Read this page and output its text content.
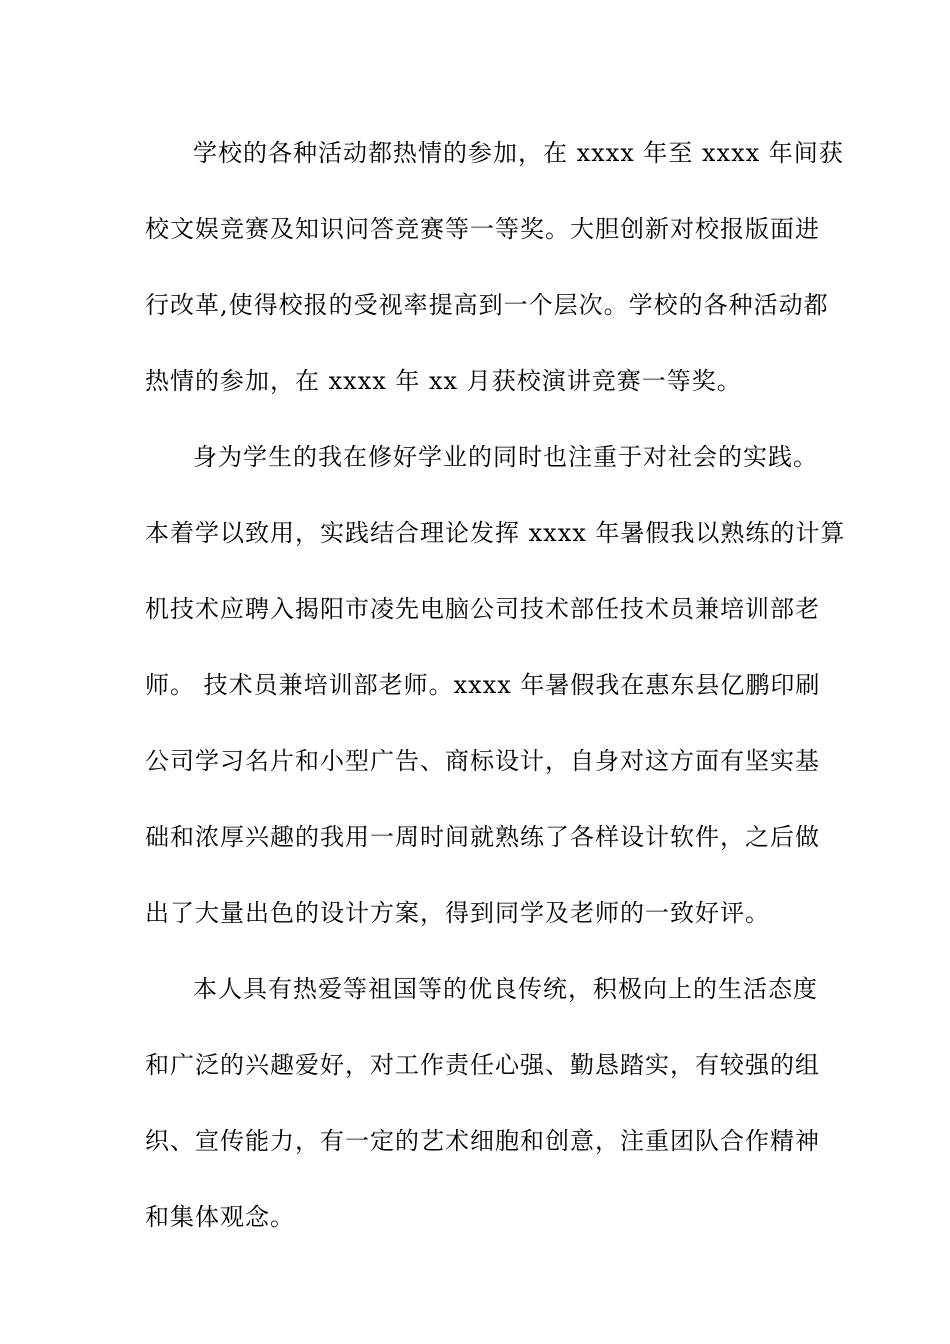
学校的各种活动都热情的参加，在 xxxx 年至 xxxx 年间获
校文娱竞赛及知识问答竞赛等一等奖。大胆创新对校报版面进
行改革,使得校报的受视率提高到一个层次。学校的各种活动都
热情的参加，在 xxxx 年 xx 月获校演讲竞赛一等奖。
身为学生的我在修好学业的同时也注重于对社会的实践。
本着学以致用，实践结合理论发挥 xxxx 年暑假我以熟练的计算
机技术应聘入揭阳市凌先电脑公司技术部任技术员兼培训部老
师。 技术员兼培训部老师。xxxx 年暑假我在惠东县亿鹏印刷
公司学习名片和小型广告、商标设计，自身对这方面有坚实基
础和浓厚兴趣的我用一周时间就熟练了各样设计软件，之后做
出了大量出色的设计方案，得到同学及老师的一致好评。
本人具有热爱等祖国等的优良传统，积极向上的生活态度
和广泛的兴趣爱好，对工作责任心强、勤恳踏实，有较强的组
织、宣传能力，有一定的艺术细胞和创意，注重团队合作精神
和集体观念。
